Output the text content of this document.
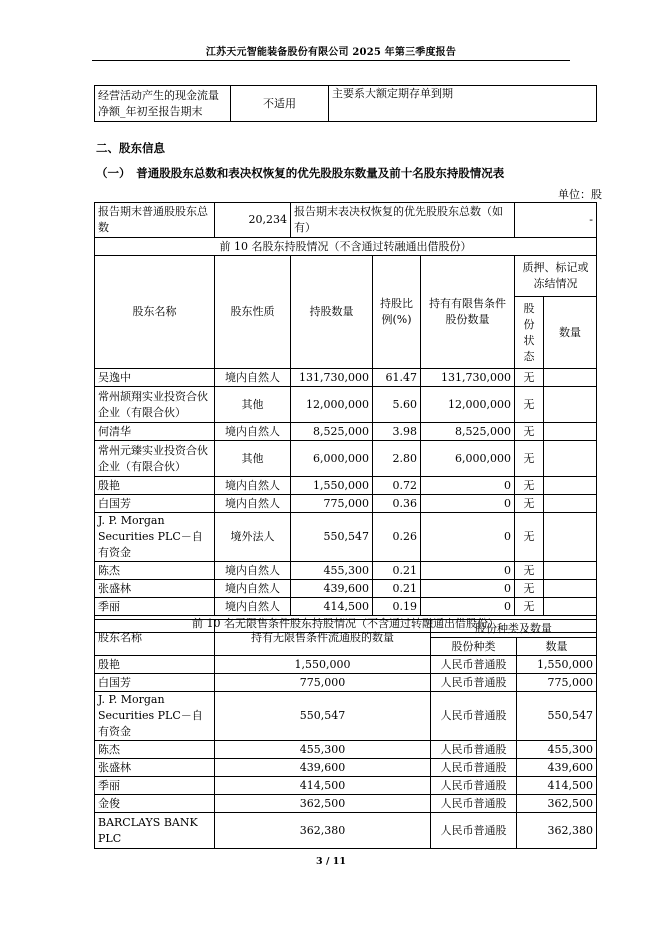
江苏天元智能装备股份有限公司 2025 年第三季度报告
经营活动产生的现金流量净额_年初至报告期末	不适用	主要系大额定期存单到期
二、股东信息
（一）　普通股股东总数和表决权恢复的优先股股东数量及前十名股东持股情况表
单位：股
报告期末普通股股东总数	20,234	报告期末表决权恢复的优先股股东总数（如有）			-	
前 10 名股东持股情况（不含通过转融通出借股份）						
股东名称	股东性质	持股数量	持股比例(%)	持有有限售条件股份数量	质押、标记或冻结情况	
					股份状态	数量
吴逸中	境内自然人	131,730,000	61.47	131,730,000	无	
常州颉翔实业投资合伙企业（有限合伙）	其他	12,000,000	5.60	12,000,000	无	
何清华	境内自然人	8,525,000	3.98	8,525,000	无	
常州元臻实业投资合伙企业（有限合伙）	其他	6,000,000	2.80	6,000,000	无	
殷艳	境内自然人	1,550,000	0.72	0	无	
白国芳	境内自然人	775,000	0.36	0	无	
J. P. Morgan Securities PLC－自有资金	境外法人	550,547	0.26	0	无	
陈杰	境内自然人	455,300	0.21	0	无	
张盛林	境内自然人	439,600	0.21	0	无	
季丽	境内自然人	414,500	0.19	0	无	
前 10 名无限售条件股东持股情况（不含通过转融通出借股份）						
股东名称	持有无限售条件流通股的数量	股份种类及数量	
		股份种类	数量
殷艳	1,550,000	人民币普通股	1,550,000
白国芳	775,000	人民币普通股	775,000
J. P. Morgan Securities PLC－自有资金	550,547	人民币普通股	550,547
陈杰	455,300	人民币普通股	455,300
张盛林	439,600	人民币普通股	439,600
季丽	414,500	人民币普通股	414,500
金俊	362,500	人民币普通股	362,500
BARCLAYS BANK PLC	362,380	人民币普通股	362,380
3 / 11
